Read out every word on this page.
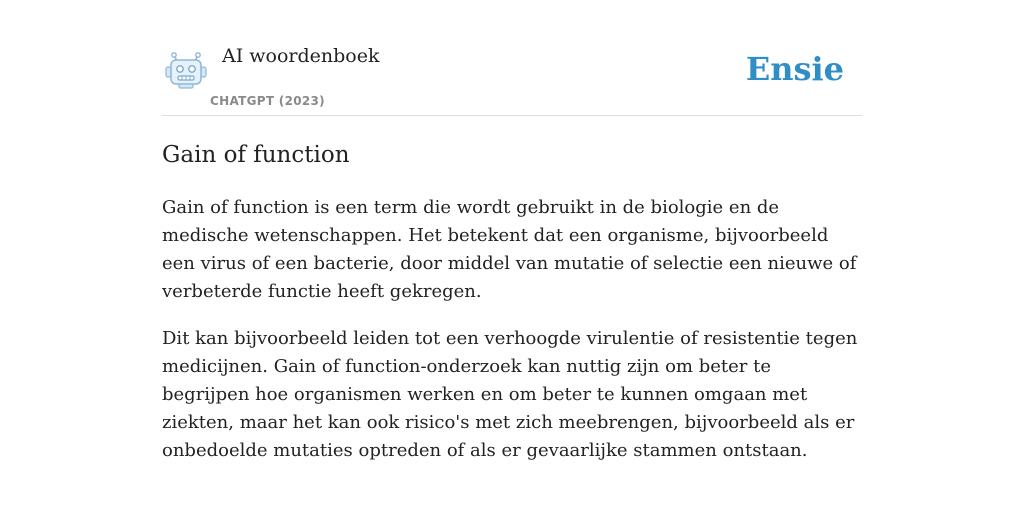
AI woordenboek
CHATGPT (2023)
Ensie
Gain of function

Gain of function is een term die wordt gebruikt in de biologie en de medische wetenschappen. Het betekent dat een organisme, bijvoorbeeld een virus of een bacterie, door middel van mutatie of selectie een nieuwe of verbeterde functie heeft gekregen.

Dit kan bijvoorbeeld leiden tot een verhoogde virulentie of resistentie tegen medicijnen. Gain of function-onderzoek kan nuttig zijn om beter te begrijpen hoe organismen werken en om beter te kunnen omgaan met ziekten, maar het kan ook risico's met zich meebrengen, bijvoorbeeld als er onbedoelde mutaties optreden of als er gevaarlijke stammen ontstaan.
